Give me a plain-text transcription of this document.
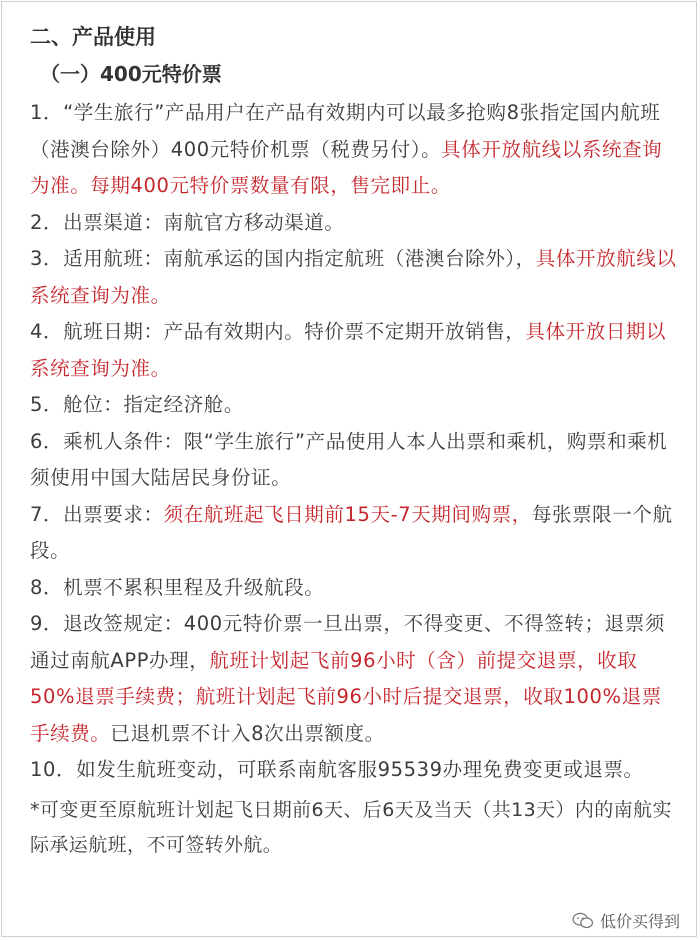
二、产品使用
（一）400元特价票
1．“学生旅行”产品用户在产品有效期内可以最多抢购8张指定国内航班（港澳台除外）400元特价机票（税费另付）。具体开放航线以系统查询为准。每期400元特价票数量有限，售完即止。
2．出票渠道：南航官方移动渠道。
3．适用航班：南航承运的国内指定航班（港澳台除外），具体开放航线以系统查询为准。
4．航班日期：产品有效期内。特价票不定期开放销售，具体开放日期以系统查询为准。
5．舱位：指定经济舱。
6．乘机人条件：限“学生旅行”产品使用人本人出票和乘机，购票和乘机须使用中国大陆居民身份证。
7．出票要求：须在航班起飞日期前15天-7天期间购票，每张票限一个航段。
8．机票不累积里程及升级航段。
9．退改签规定：400元特价票一旦出票，不得变更、不得签转；退票须通过南航APP办理，航班计划起飞前96小时（含）前提交退票，收取50%退票手续费；航班计划起飞前96小时后提交退票，收取100%退票手续费。已退机票不计入8次出票额度。
10．如发生航班变动，可联系南航客服95539办理免费变更或退票。
*可变更至原航班计划起飞日期前6天、后6天及当天（共13天）内的南航实际承运航班，不可签转外航。
低价买得到
